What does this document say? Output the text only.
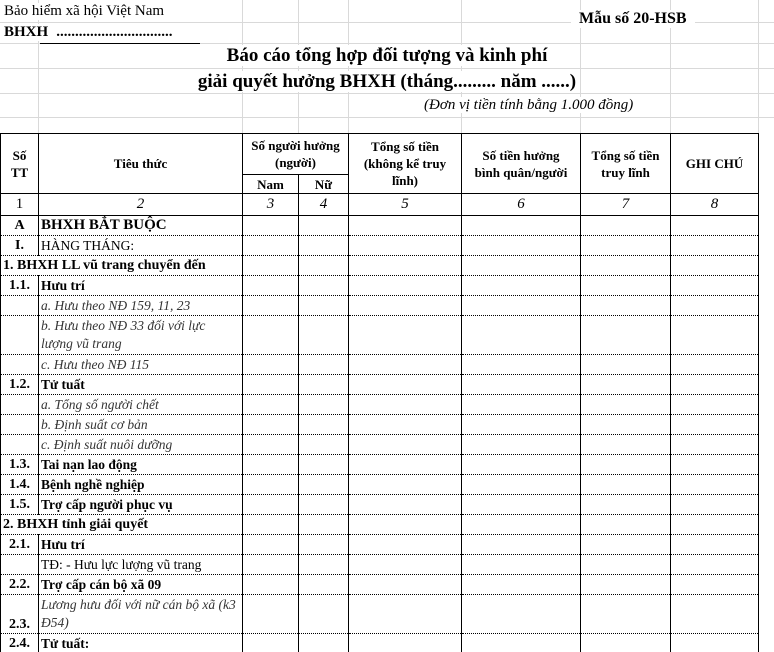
Bảo hiểm xã hội Việt Nam
BHXH ...............................
Mẫu số 20-HSB
Báo cáo tổng hợp đối tượng và kinh phí
giải quyết hưởng BHXH (tháng......... năm ......)
(Đơn vị tiền tính bằng 1.000 đồng)
Số TT	Tiêu thức	Số người hưởng (người)		Tổng số tiền (không kể truy lĩnh)	Số tiền hưởng bình quân/người	Tổng số tiền truy lĩnh	GHI CHÚ
		Nam	Nữ				
1	2	3	4	5	6	7	8
A	BHXH BẮT BUỘC						
I.	HÀNG THÁNG:						
1. BHXH LL vũ trang chuyển đến							
1.1.	Hưu trí						
	a. Hưu theo NĐ 159, 11, 23						
	b. Hưu theo NĐ 33 đối với lực lượng vũ trang						
	c. Hưu theo NĐ 115						
1.2.	Tử tuất						
	a. Tổng số người chết						
	b. Định suất cơ bản						
	c. Định suất nuôi dưỡng						
1.3.	Tai nạn lao động						
1.4.	Bệnh nghề nghiệp						
1.5.	Trợ cấp người phục vụ						
2. BHXH tỉnh giải quyết							
2.1.	Hưu trí						
	TĐ: - Hưu lực lượng vũ trang						
2.2.	Trợ cấp cán bộ xã 09						
2.3.	Lương hưu đối với nữ cán bộ xã (k3 Đ54)						
2.4.	Tử tuất:						
